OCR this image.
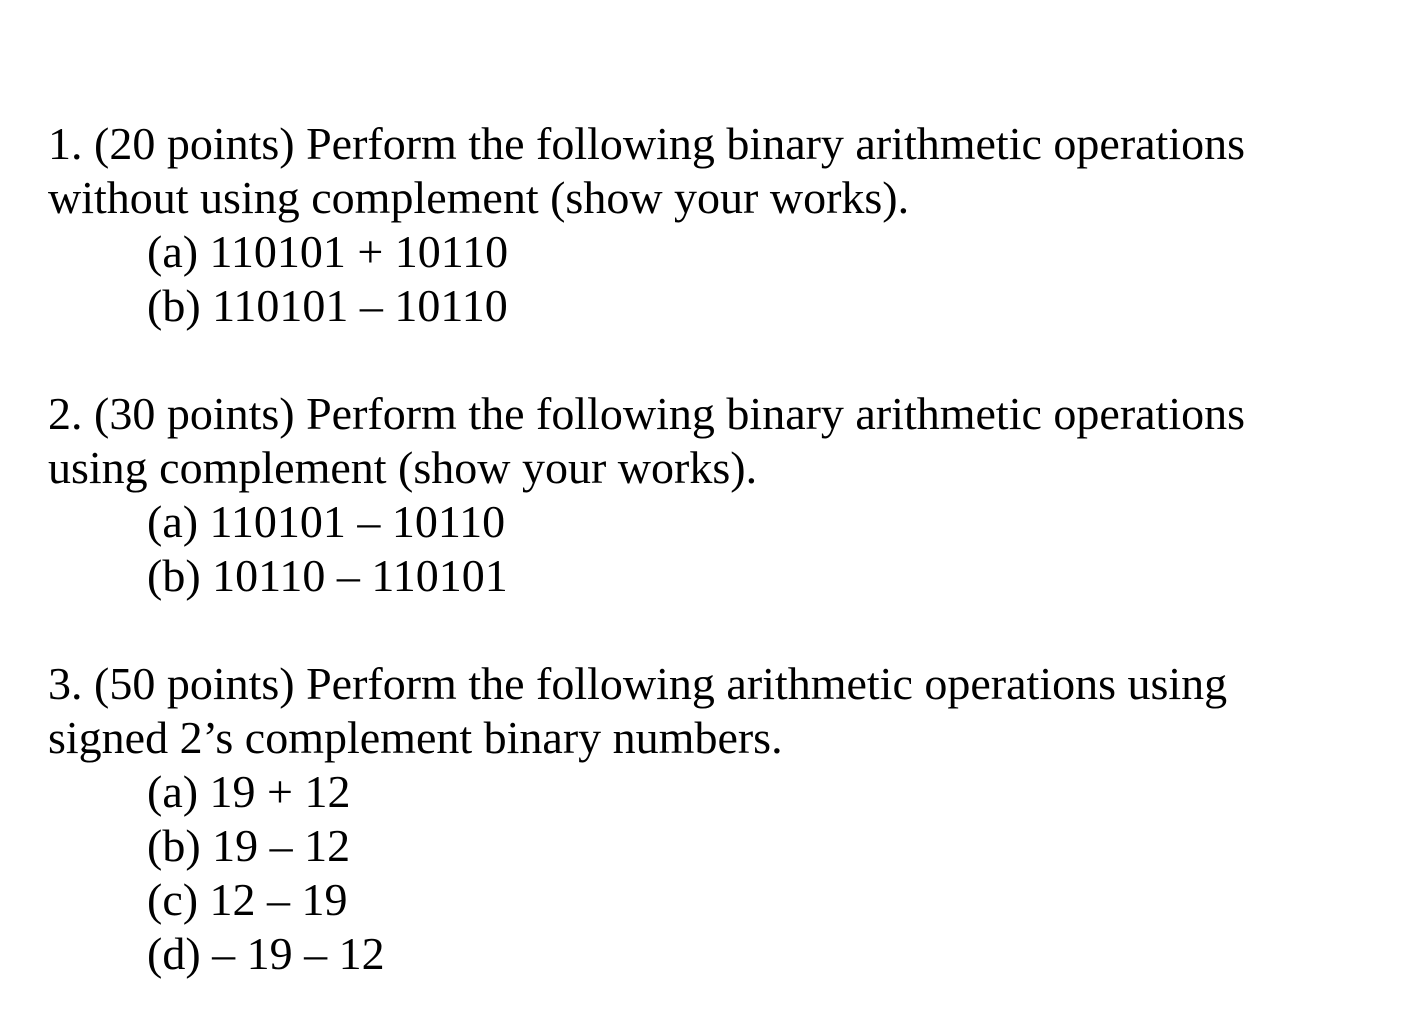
1. (20 points) Perform the following binary arithmetic operations
without using complement (show your works).
(a) 110101 + 10110
(b) 110101 – 10110
2. (30 points) Perform the following binary arithmetic operations
using complement (show your works).
(a) 110101 – 10110
(b) 10110 – 110101
3. (50 points) Perform the following arithmetic operations using
signed 2’s complement binary numbers.
(a) 19 + 12
(b) 19 – 12
(c) 12 – 19
(d) – 19 – 12
